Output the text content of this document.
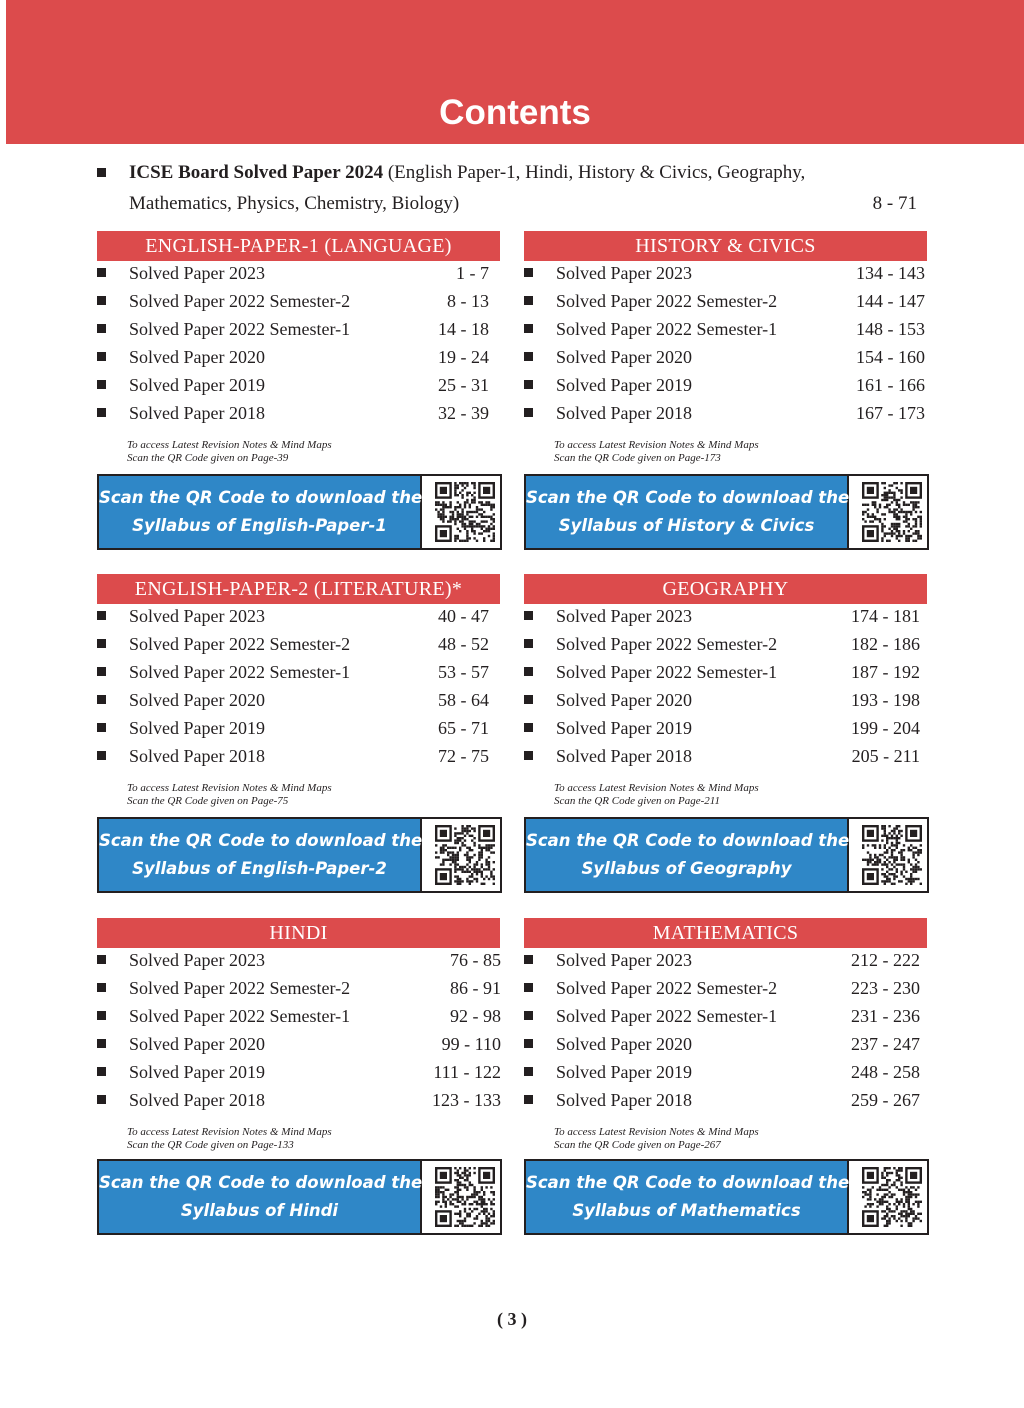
Contents
ICSE Board Solved Paper 2024 (English Paper-1, Hindi, History & Civics, Geography,
Mathematics, Physics, Chemistry, Biology)	8 - 71
ENGLISH-PAPER-1 (LANGUAGE)
Solved Paper 2023	1 - 7
Solved Paper 2022 Semester-2	8 - 13
Solved Paper 2022 Semester-1	14 - 18
Solved Paper 2020	19 - 24
Solved Paper 2019	25 - 31
Solved Paper 2018	32 - 39
To access Latest Revision Notes & Mind Maps
Scan the QR Code given on Page-39
Scan the QR Code to download the
Syllabus of English-Paper-1
HISTORY & CIVICS
Solved Paper 2023	134 - 143
Solved Paper 2022 Semester-2	144 - 147
Solved Paper 2022 Semester-1	148 - 153
Solved Paper 2020	154 - 160
Solved Paper 2019	161 - 166
Solved Paper 2018	167 - 173
To access Latest Revision Notes & Mind Maps
Scan the QR Code given on Page-173
Scan the QR Code to download the
Syllabus of History & Civics
ENGLISH-PAPER-2 (LITERATURE)*
Solved Paper 2023	40 - 47
Solved Paper 2022 Semester-2	48 - 52
Solved Paper 2022 Semester-1	53 - 57
Solved Paper 2020	58 - 64
Solved Paper 2019	65 - 71
Solved Paper 2018	72 - 75
To access Latest Revision Notes & Mind Maps
Scan the QR Code given on Page-75
Scan the QR Code to download the
Syllabus of English-Paper-2
GEOGRAPHY
Solved Paper 2023	174 - 181
Solved Paper 2022 Semester-2	182 - 186
Solved Paper 2022 Semester-1	187 - 192
Solved Paper 2020	193 - 198
Solved Paper 2019	199 - 204
Solved Paper 2018	205 - 211
To access Latest Revision Notes & Mind Maps
Scan the QR Code given on Page-211
Scan the QR Code to download the
Syllabus of Geography
HINDI
Solved Paper 2023	76 - 85
Solved Paper 2022 Semester-2	86 - 91
Solved Paper 2022 Semester-1	92 - 98
Solved Paper 2020	99 - 110
Solved Paper 2019	111 - 122
Solved Paper 2018	123 - 133
To access Latest Revision Notes & Mind Maps
Scan the QR Code given on Page-133
Scan the QR Code to download the
Syllabus of Hindi
MATHEMATICS
Solved Paper 2023	212 - 222
Solved Paper 2022 Semester-2	223 - 230
Solved Paper 2022 Semester-1	231 - 236
Solved Paper 2020	237 - 247
Solved Paper 2019	248 - 258
Solved Paper 2018	259 - 267
To access Latest Revision Notes & Mind Maps
Scan the QR Code given on Page-267
Scan the QR Code to download the
Syllabus of Mathematics
( 3 )
